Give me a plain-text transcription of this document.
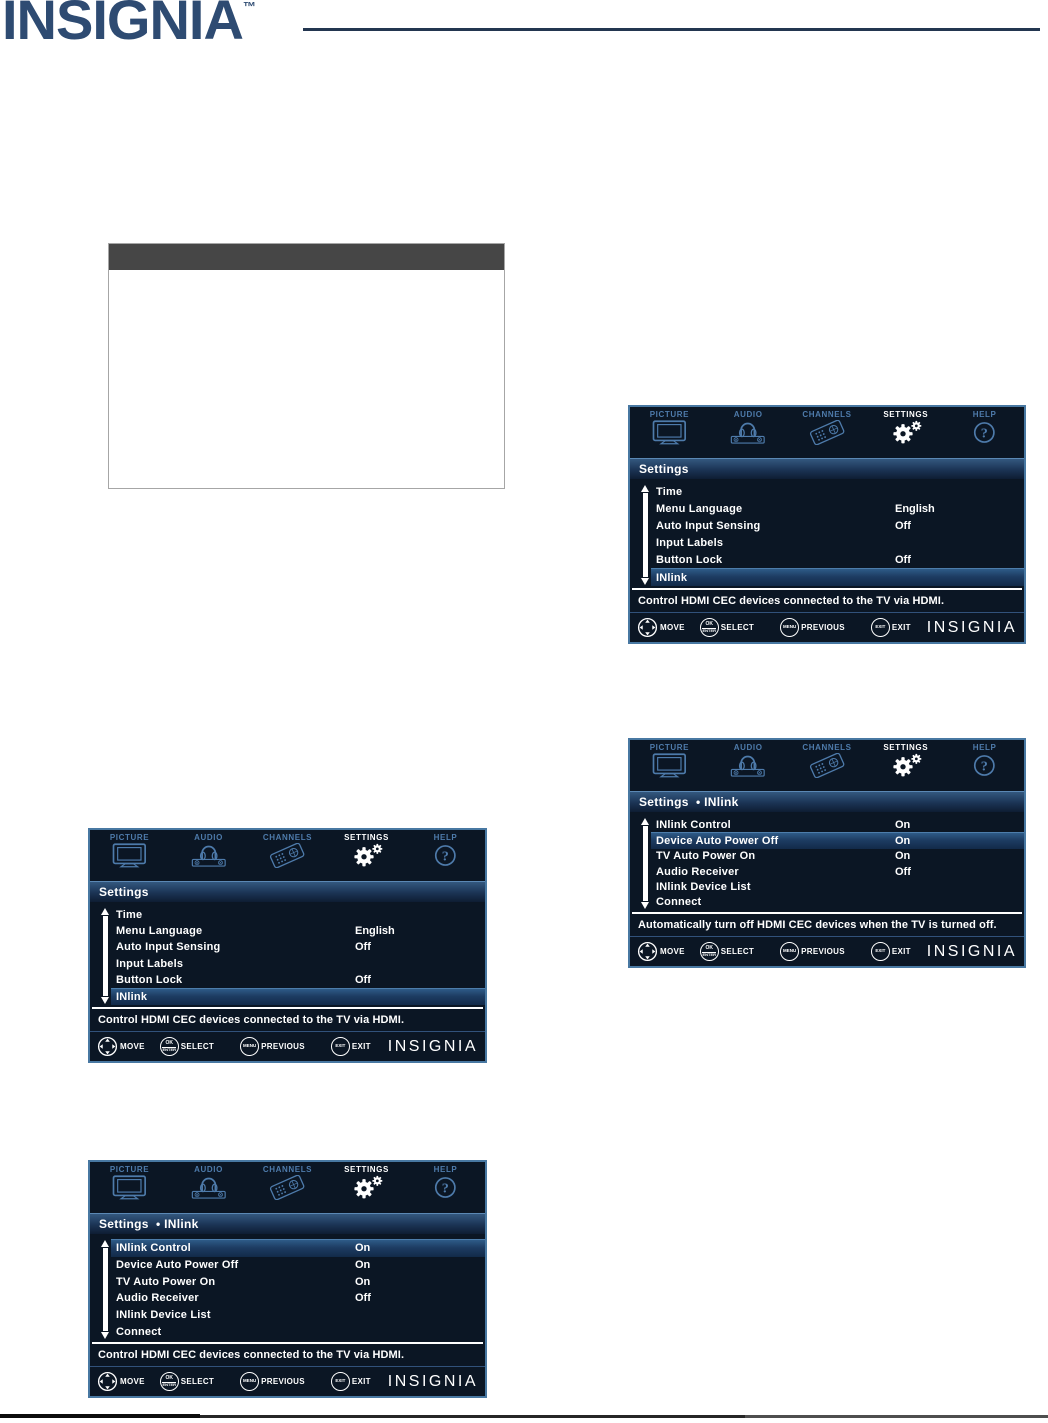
INSIGNIA™
PICTURE	AUDIO	CHANNELS	SETTINGS	HELP
Settings
Time
Menu Language	English
Auto Input Sensing	Off
Input Labels
Button Lock	Off
INlink
Control HDMI CEC devices connected to the TV via HDMI.
MOVE	OK
ENTER SELECT	MENU PREVIOUS	EXIT EXIT INSIGNIA
PICTURE	AUDIO	CHANNELS	SETTINGS	HELP
Settings  • INlink
INlink Control	On
Device Auto Power Off	On
TV Auto Power On	On
Audio Receiver	Off
INlink Device List
Connect
Automatically turn off HDMI CEC devices when the TV is turned off.
MOVE	OK
ENTER SELECT	MENU PREVIOUS	EXIT EXIT INSIGNIA
PICTURE	AUDIO	CHANNELS	SETTINGS	HELP
Settings
Time
Menu Language	English
Auto Input Sensing	Off
Input Labels
Button Lock	Off
INlink
Control HDMI CEC devices connected to the TV via HDMI.
MOVE	OK
ENTER SELECT	MENU PREVIOUS	EXIT EXIT INSIGNIA
PICTURE	AUDIO	CHANNELS	SETTINGS	HELP
Settings  • INlink
INlink Control	On
Device Auto Power Off	On
TV Auto Power On	On
Audio Receiver	Off
INlink Device List
Connect
Control HDMI CEC devices connected to the TV via HDMI.
MOVE	OK
ENTER SELECT	MENU PREVIOUS	EXIT EXIT INSIGNIA
